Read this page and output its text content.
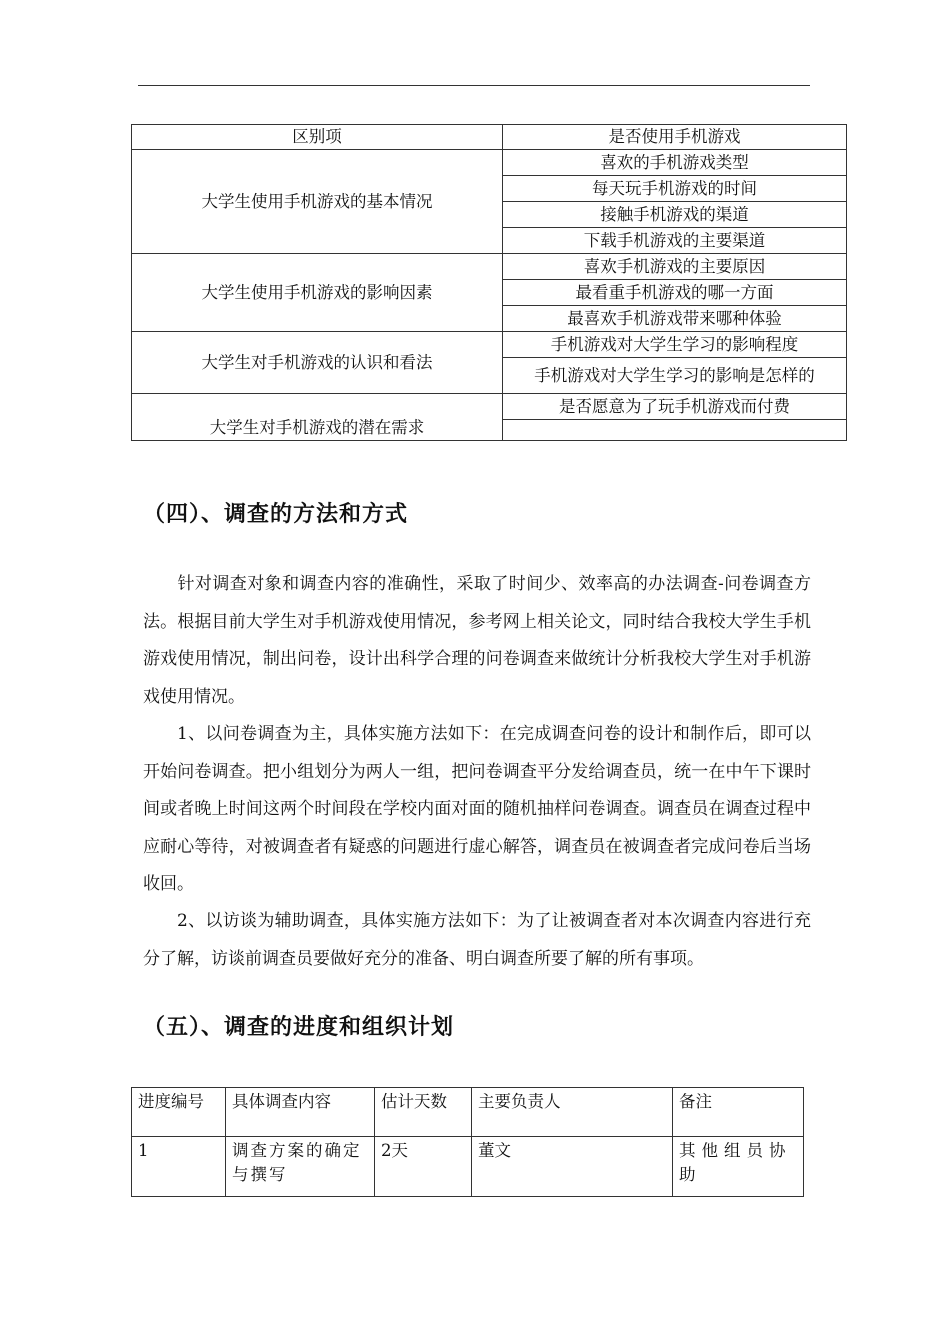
区别项	是否使用手机游戏
大学生使用手机游戏的基本情况	喜欢的手机游戏类型
	每天玩手机游戏的时间
	接触手机游戏的渠道
	下载手机游戏的主要渠道
大学生使用手机游戏的影响因素	喜欢手机游戏的主要原因
	最看重手机游戏的哪一方面
	最喜欢手机游戏带来哪种体验
大学生对手机游戏的认识和看法	手机游戏对大学生学习的影响程度
	手机游戏对大学生学习的影响是怎样的
大学生对手机游戏的潜在需求	是否愿意为了玩手机游戏而付费

（四）、调查的方法和方式

针对调查对象和调查内容的准确性，采取了时间少、效率高的办法调查-问卷调查方法。根据目前大学生对手机游戏使用情况，参考网上相关论文，同时结合我校大学生手机游戏使用情况，制出问卷，设计出科学合理的问卷调查来做统计分析我校大学生对手机游戏使用情况。

1、以问卷调查为主，具体实施方法如下：在完成调查问卷的设计和制作后，即可以开始问卷调查。把小组划分为两人一组，把问卷调查平分发给调查员，统一在中午下课时间或者晚上时间这两个时间段在学校内面对面的随机抽样问卷调查。调查员在调查过程中应耐心等待，对被调查者有疑惑的问题进行虚心解答，调查员在被调查者完成问卷后当场收回。

2、以访谈为辅助调查，具体实施方法如下：为了让被调查者对本次调查内容进行充分了解，访谈前调查员要做好充分的准备、明白调查所要了解的所有事项。

（五）、调查的进度和组织计划
进度编号	具体调查内容	估计天数	主要负责人	备注
1	调查方案的确定与撰写	2天	董文	其他组员协助
